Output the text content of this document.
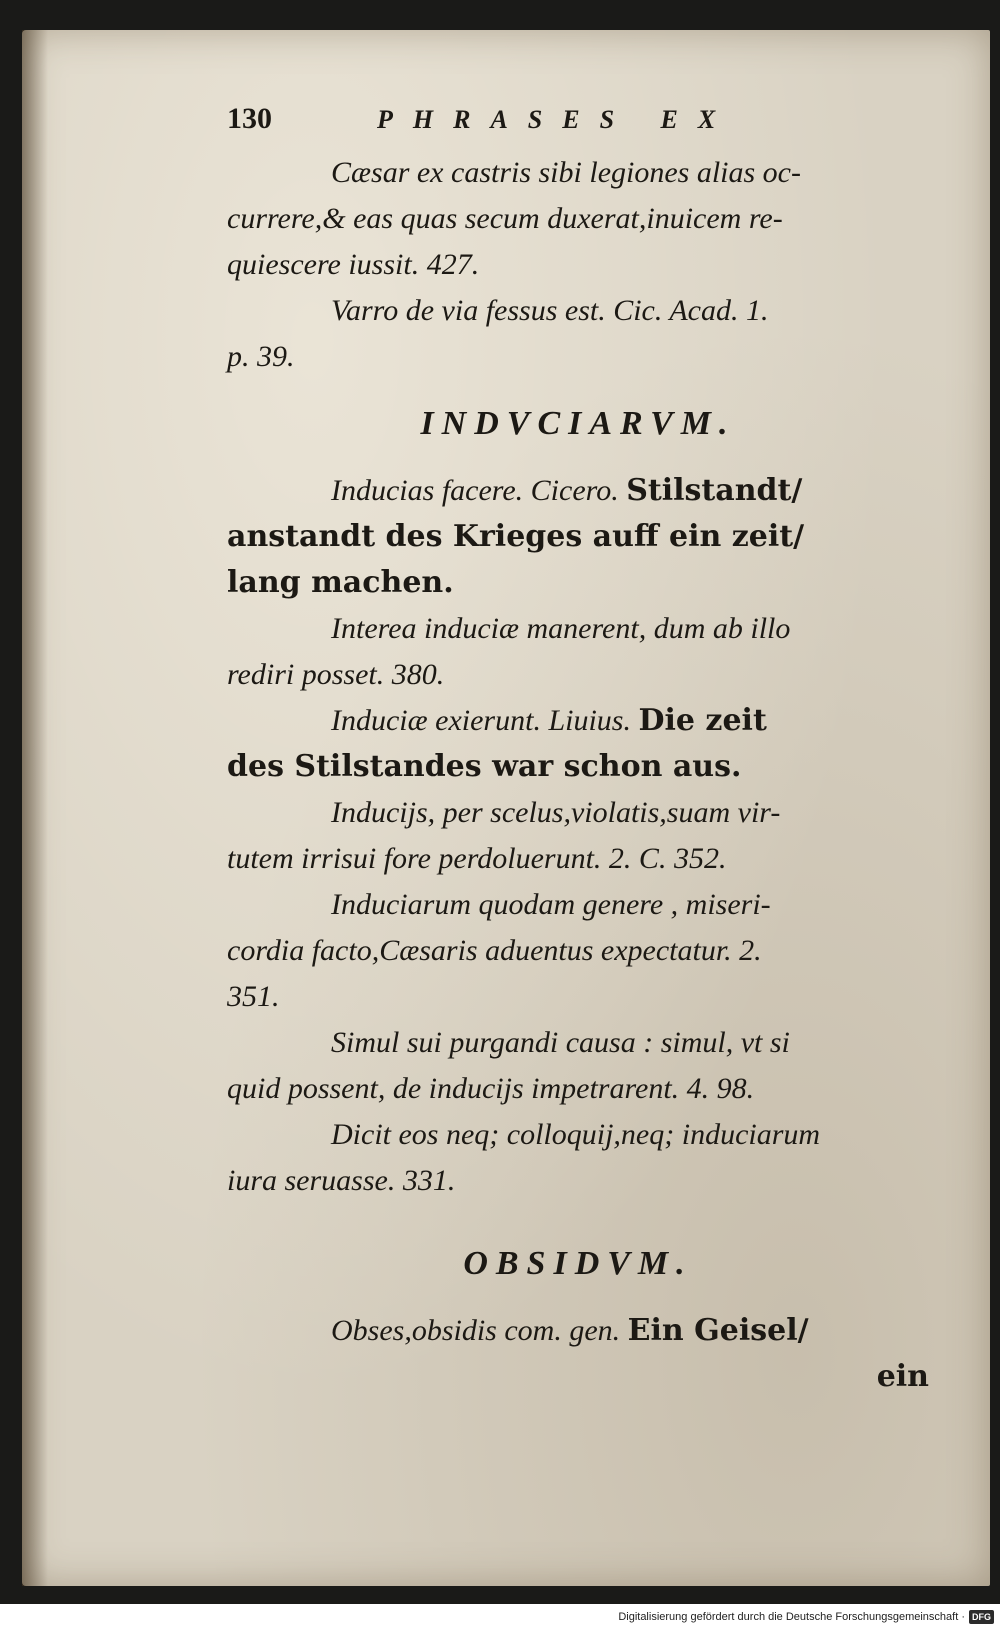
130	PHRASES EX
Cæsar ex castris sibi legiones alias oc-
currere,& eas quas secum duxerat,inuicem re-
quiescere iussit. 427.
Varro de via fessus est. Cic. Acad. 1.
p. 39.
INDVCIARVM.
Inducias facere. Cicero. Stilstandt/
anstandt des Krieges auff ein zeit/
lang machen.
Interea induciæ manerent, dum ab illo
rediri posset. 380.
Induciæ exierunt. Liuius. Die zeit
des Stilstandes war schon aus.
Inducijs, per scelus,violatis,suam vir-
tutem irrisui fore perdoluerunt. 2. C. 352.
Induciarum quodam genere , miseri-
cordia facto,Cæsaris aduentus expectatur. 2.
351.
Simul sui purgandi causa : simul, vt si
quid possent, de inducijs impetrarent. 4. 98.
Dicit eos neq; colloquij,neq; induciarum
iura seruasse. 331.
OBSIDVM.
Obses,obsidis com. gen. Ein Geisel/
ein
Digitalisierung gefördert durch die Deutsche Forschungsgemeinschaft · DFG
